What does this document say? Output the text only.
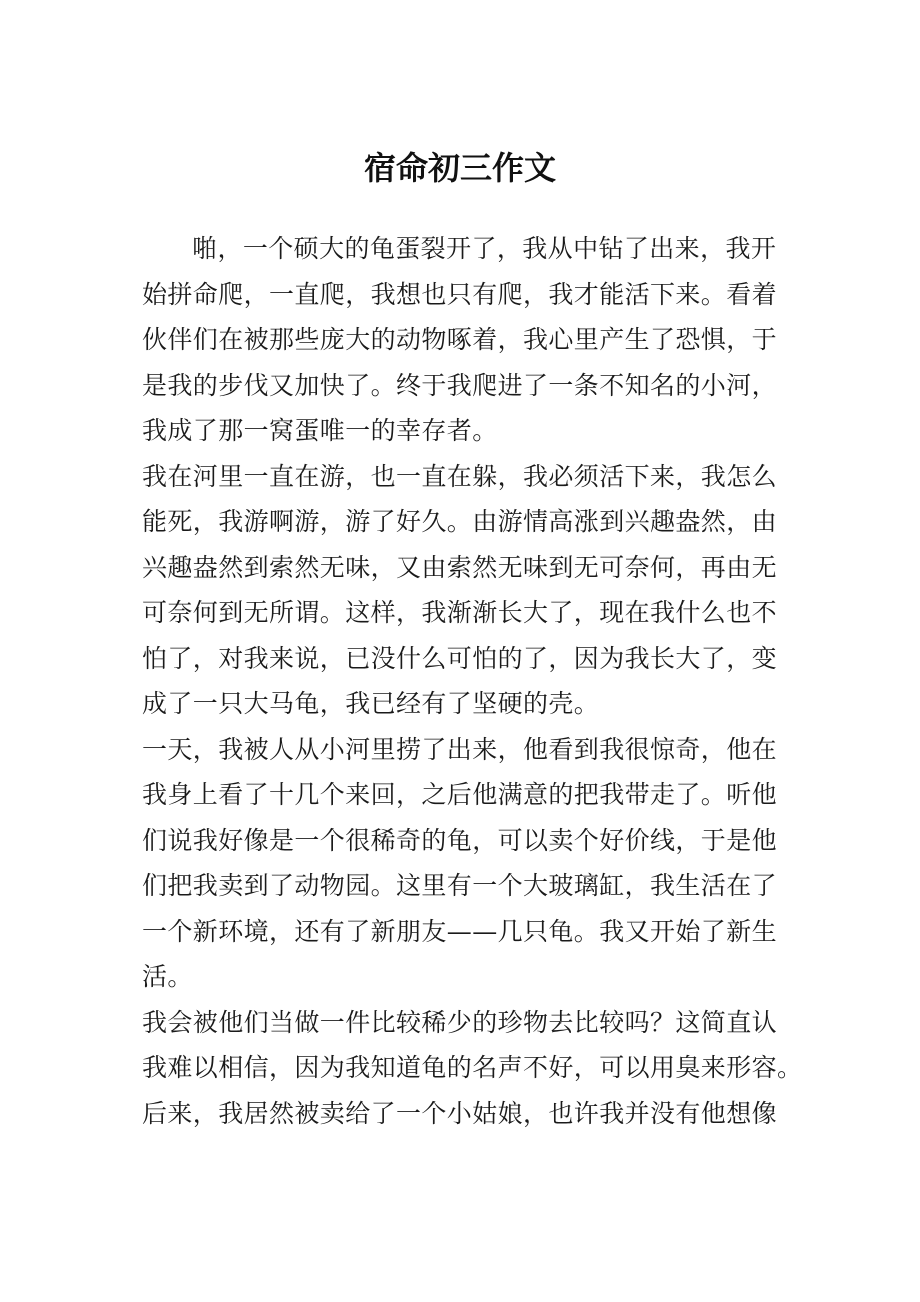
宿命初三作文
啪，一个硕大的龟蛋裂开了，我从中钻了出来，我开
始拼命爬，一直爬，我想也只有爬，我才能活下来。看着
伙伴们在被那些庞大的动物啄着，我心里产生了恐惧，于
是我的步伐又加快了。终于我爬进了一条不知名的小河，
我成了那一窝蛋唯一的幸存者。
我在河里一直在游，也一直在躲，我必须活下来，我怎么
能死，我游啊游，游了好久。由游情高涨到兴趣盎然，由
兴趣盎然到索然无味，又由索然无味到无可奈何，再由无
可奈何到无所谓。这样，我渐渐长大了，现在我什么也不
怕了，对我来说，已没什么可怕的了，因为我长大了，变
成了一只大马龟，我已经有了坚硬的壳。
一天，我被人从小河里捞了出来，他看到我很惊奇，他在
我身上看了十几个来回，之后他满意的把我带走了。听他
们说我好像是一个很稀奇的龟，可以卖个好价线，于是他
们把我卖到了动物园。这里有一个大玻璃缸，我生活在了
一个新环境，还有了新朋友——几只龟。我又开始了新生
活。
我会被他们当做一件比较稀少的珍物去比较吗？这简直认
我难以相信，因为我知道龟的名声不好，可以用臭来形容。
后来，我居然被卖给了一个小姑娘，也许我并没有他想像
